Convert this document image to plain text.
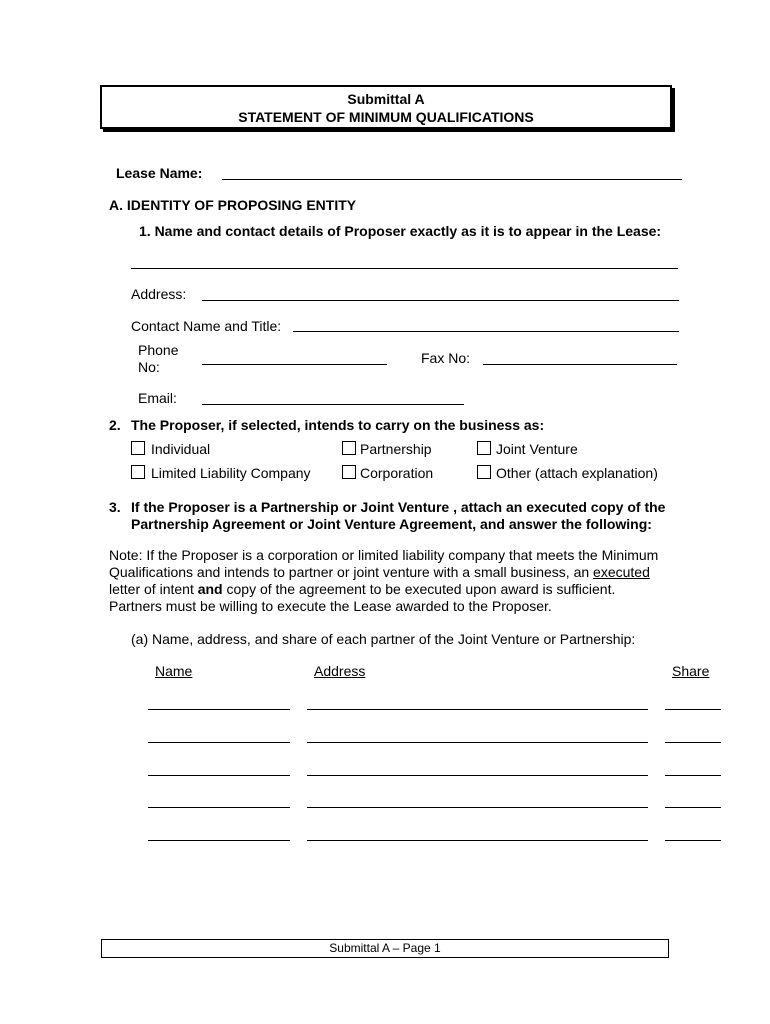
Submittal A
STATEMENT OF MINIMUM QUALIFICATIONS
Lease Name:
A. IDENTITY OF PROPOSING ENTITY
1. Name and contact details of Proposer exactly as it is to appear in the Lease:
Address:
Contact Name and Title:
Phone
No:
Fax No:
Email:
2. The Proposer, if selected, intends to carry on the business as:
Individual	Partnership	Joint Venture
Limited Liability Company	Corporation	Other (attach explanation)
3. If the Proposer is a Partnership or Joint Venture , attach an executed copy of the
Partnership Agreement or Joint Venture Agreement, and answer the following:
Note: If the Proposer is a corporation or limited liability company that meets the Minimum Qualifications and intends to partner or joint venture with a small business, an executed letter of intent and copy of the agreement to be executed upon award is sufficient. Partners must be willing to execute the Lease awarded to the Proposer.
(a) Name, address, and share of each partner of the Joint Venture or Partnership:
Name	Address	Share
Submittal A – Page 1
